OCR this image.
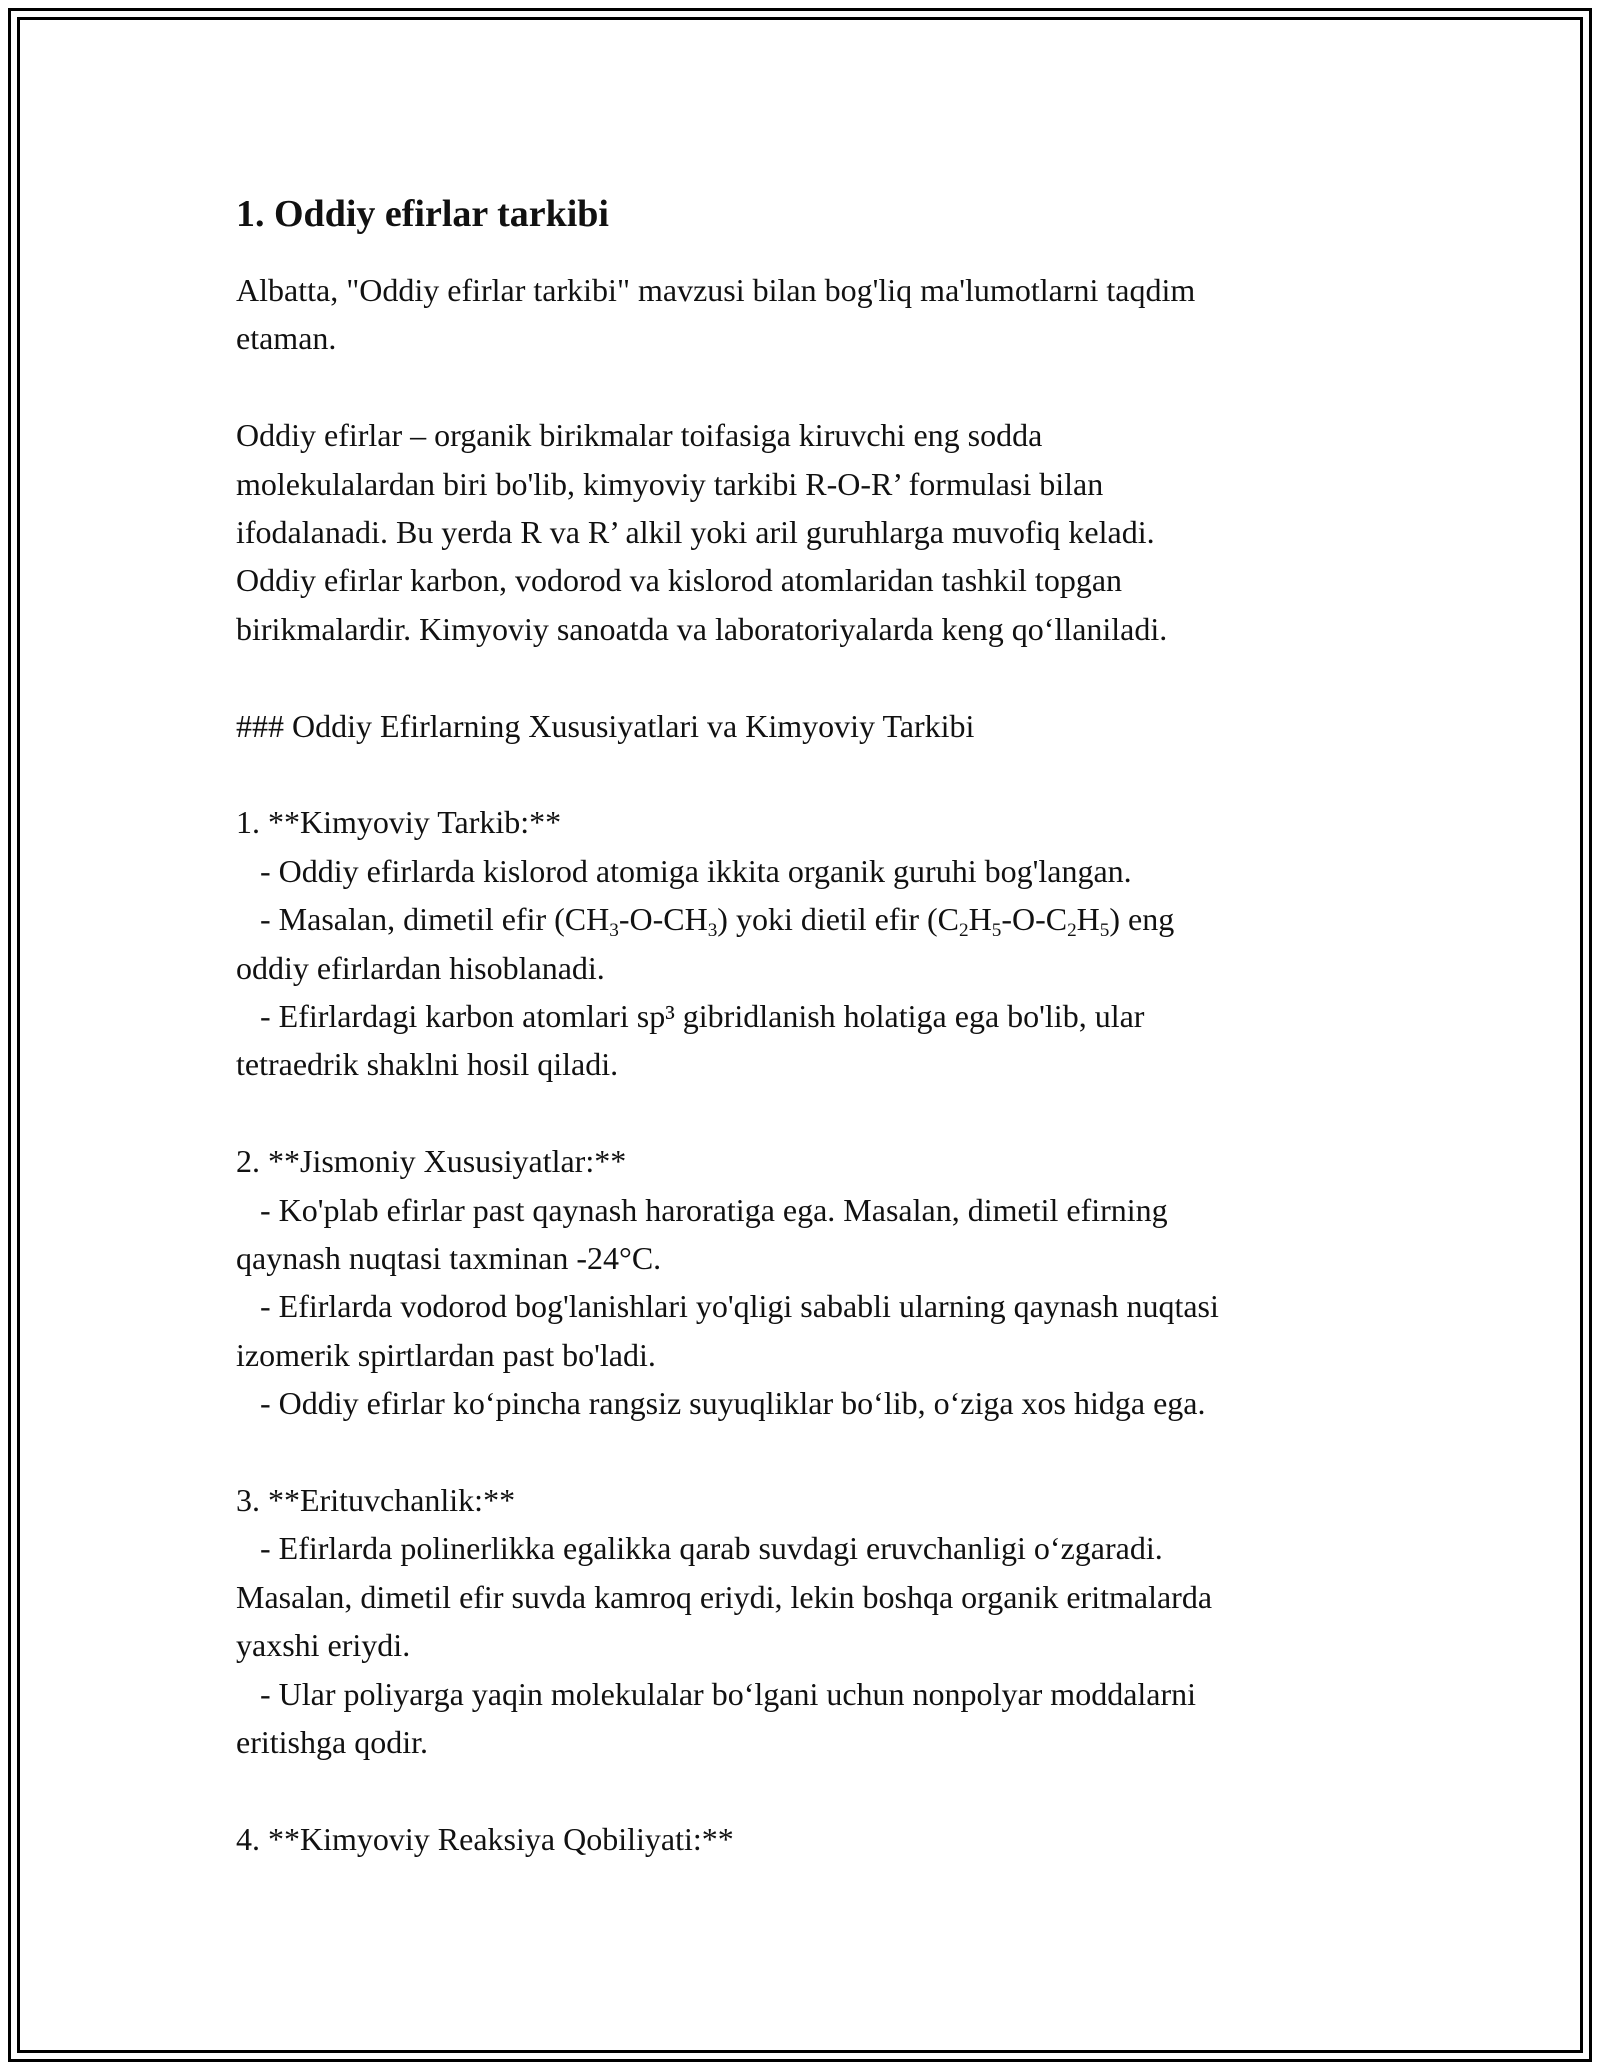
1. Oddiy efirlar tarkibi
Albatta, "Oddiy efirlar tarkibi" mavzusi bilan bog'liq ma'lumotlarni taqdim
etaman.
Oddiy efirlar – organik birikmalar toifasiga kiruvchi eng sodda
molekulalardan biri bo'lib, kimyoviy tarkibi R-O-R’ formulasi bilan
ifodalanadi. Bu yerda R va R’ alkil yoki aril guruhlarga muvofiq keladi.
Oddiy efirlar karbon, vodorod va kislorod atomlaridan tashkil topgan
birikmalardir. Kimyoviy sanoatda va laboratoriyalarda keng qo‘llaniladi.
### Oddiy Efirlarning Xususiyatlari va Kimyoviy Tarkibi
1. **Kimyoviy Tarkib:**
- Oddiy efirlarda kislorod atomiga ikkita organik guruhi bog'langan.
- Masalan, dimetil efir $(CH_3-O-CH_3)$ yoki dietil efir $(C_2H_5-O-C_2H_5)$ eng
oddiy efirlardan hisoblanadi.
- Efirlardagi karbon atomlari sp³ gibridlanish holatiga ega bo'lib, ular
tetraedrik shaklni hosil qiladi.
2. **Jismoniy Xususiyatlar:**
- Ko'plab efirlar past qaynash haroratiga ega. Masalan, dimetil efirning
qaynash nuqtasi taxminan -24°C.
- Efirlarda vodorod bog'lanishlari yo'qligi sababli ularning qaynash nuqtasi
izomerik spirtlardan past bo'ladi.
- Oddiy efirlar ko‘pincha rangsiz suyuqliklar bo‘lib, o‘ziga xos hidga ega.
3. **Erituvchanlik:**
- Efirlarda polinerlikka egalikka qarab suvdagi eruvchanligi o‘zgaradi.
Masalan, dimetil efir suvda kamroq eriydi, lekin boshqa organik eritmalarda
yaxshi eriydi.
- Ular poliyarga yaqin molekulalar bo‘lgani uchun nonpolyar moddalarni
eritishga qodir.
4. **Kimyoviy Reaksiya Qobiliyati:**
